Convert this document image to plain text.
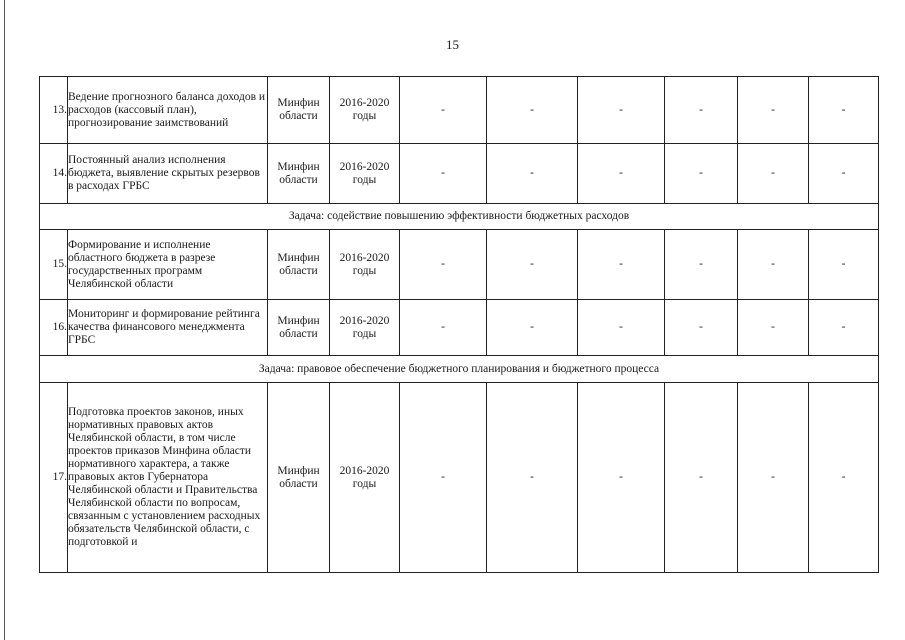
15
13.	Ведение прогнозного баланса доходов и расходов (кассовый план), прогнозирование заимствований	Минфин области	2016-2020 годы	-	-	-	-	-	-
14.	Постоянный анализ исполнения бюджета, выявление скрытых резервов в расходах ГРБС	Минфин области	2016-2020 годы	-	-	-	-	-	-
Задача: содействие повышению эффективности бюджетных расходов									
15.	Формирование и исполнение областного бюджета в разрезе государственных программ Челябинской области	Минфин области	2016-2020 годы	-	-	-	-	-	-
16.	Мониторинг и формирование рейтинга качества финансового менеджмента ГРБС	Минфин области	2016-2020 годы	-	-	-	-	-	-
Задача: правовое обеспечение бюджетного планирования и бюджетного процесса									
17.	Подготовка проектов законов, иных нормативных правовых актов Челябинской области, в том числе проектов приказов Минфина области нормативного характера, а также правовых актов Губернатора Челябинской области и Правительства Челябинской области по вопросам, связанным с установлением расходных обязательств Челябинской области, с подготовкой и	Минфин области	2016-2020 годы	-	-	-	-	-	-
